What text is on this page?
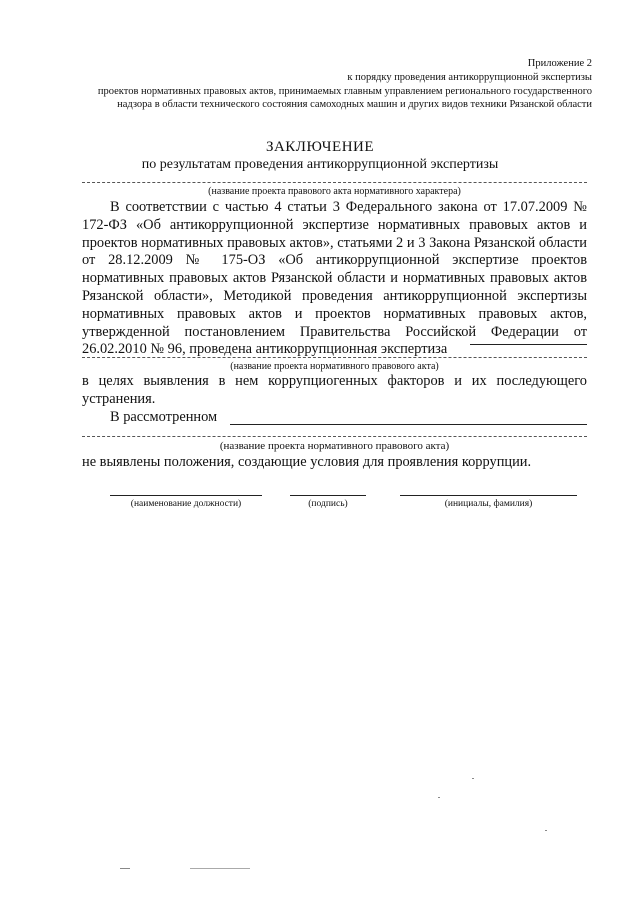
Приложение 2
к порядку проведения антикоррупционной экспертизы
проектов нормативных правовых актов, принимаемых главным управлением регионального государственного
надзора в области технического состояния самоходных машин и других видов техники Рязанской области
ЗАКЛЮЧЕНИЕ
по результатам проведения антикоррупционной экспертизы
(название проекта правового акта нормативного характера)
В соответствии с частью 4 статьи 3 Федерального закона от 17.07.2009 № 172-ФЗ «Об антикоррупционной экспертизе нормативных правовых актов и проектов нормативных правовых актов», статьями 2 и 3 Закона Рязанской области от 28.12.2009 № 175-ОЗ «Об антикоррупционной экспертизе проектов нормативных правовых актов Рязанской области и нормативных правовых актов Рязанской области», Методикой проведения антикоррупционной экспертизы нормативных правовых актов и проектов нормативных правовых актов, утвержденной постановлением Правительства Российской Федерации от 26.02.2010 № 96, проведена антикоррупционная экспертиза
(название проекта нормативного правового акта)
в целях выявления в нем коррупциогенных факторов и их последующего
устранения.
В рассмотренном
(название проекта нормативного правового акта)
не выявлены положения, создающие условия для проявления коррупции.
(наименование должности)	(подпись)	(инициалы, фамилия)
